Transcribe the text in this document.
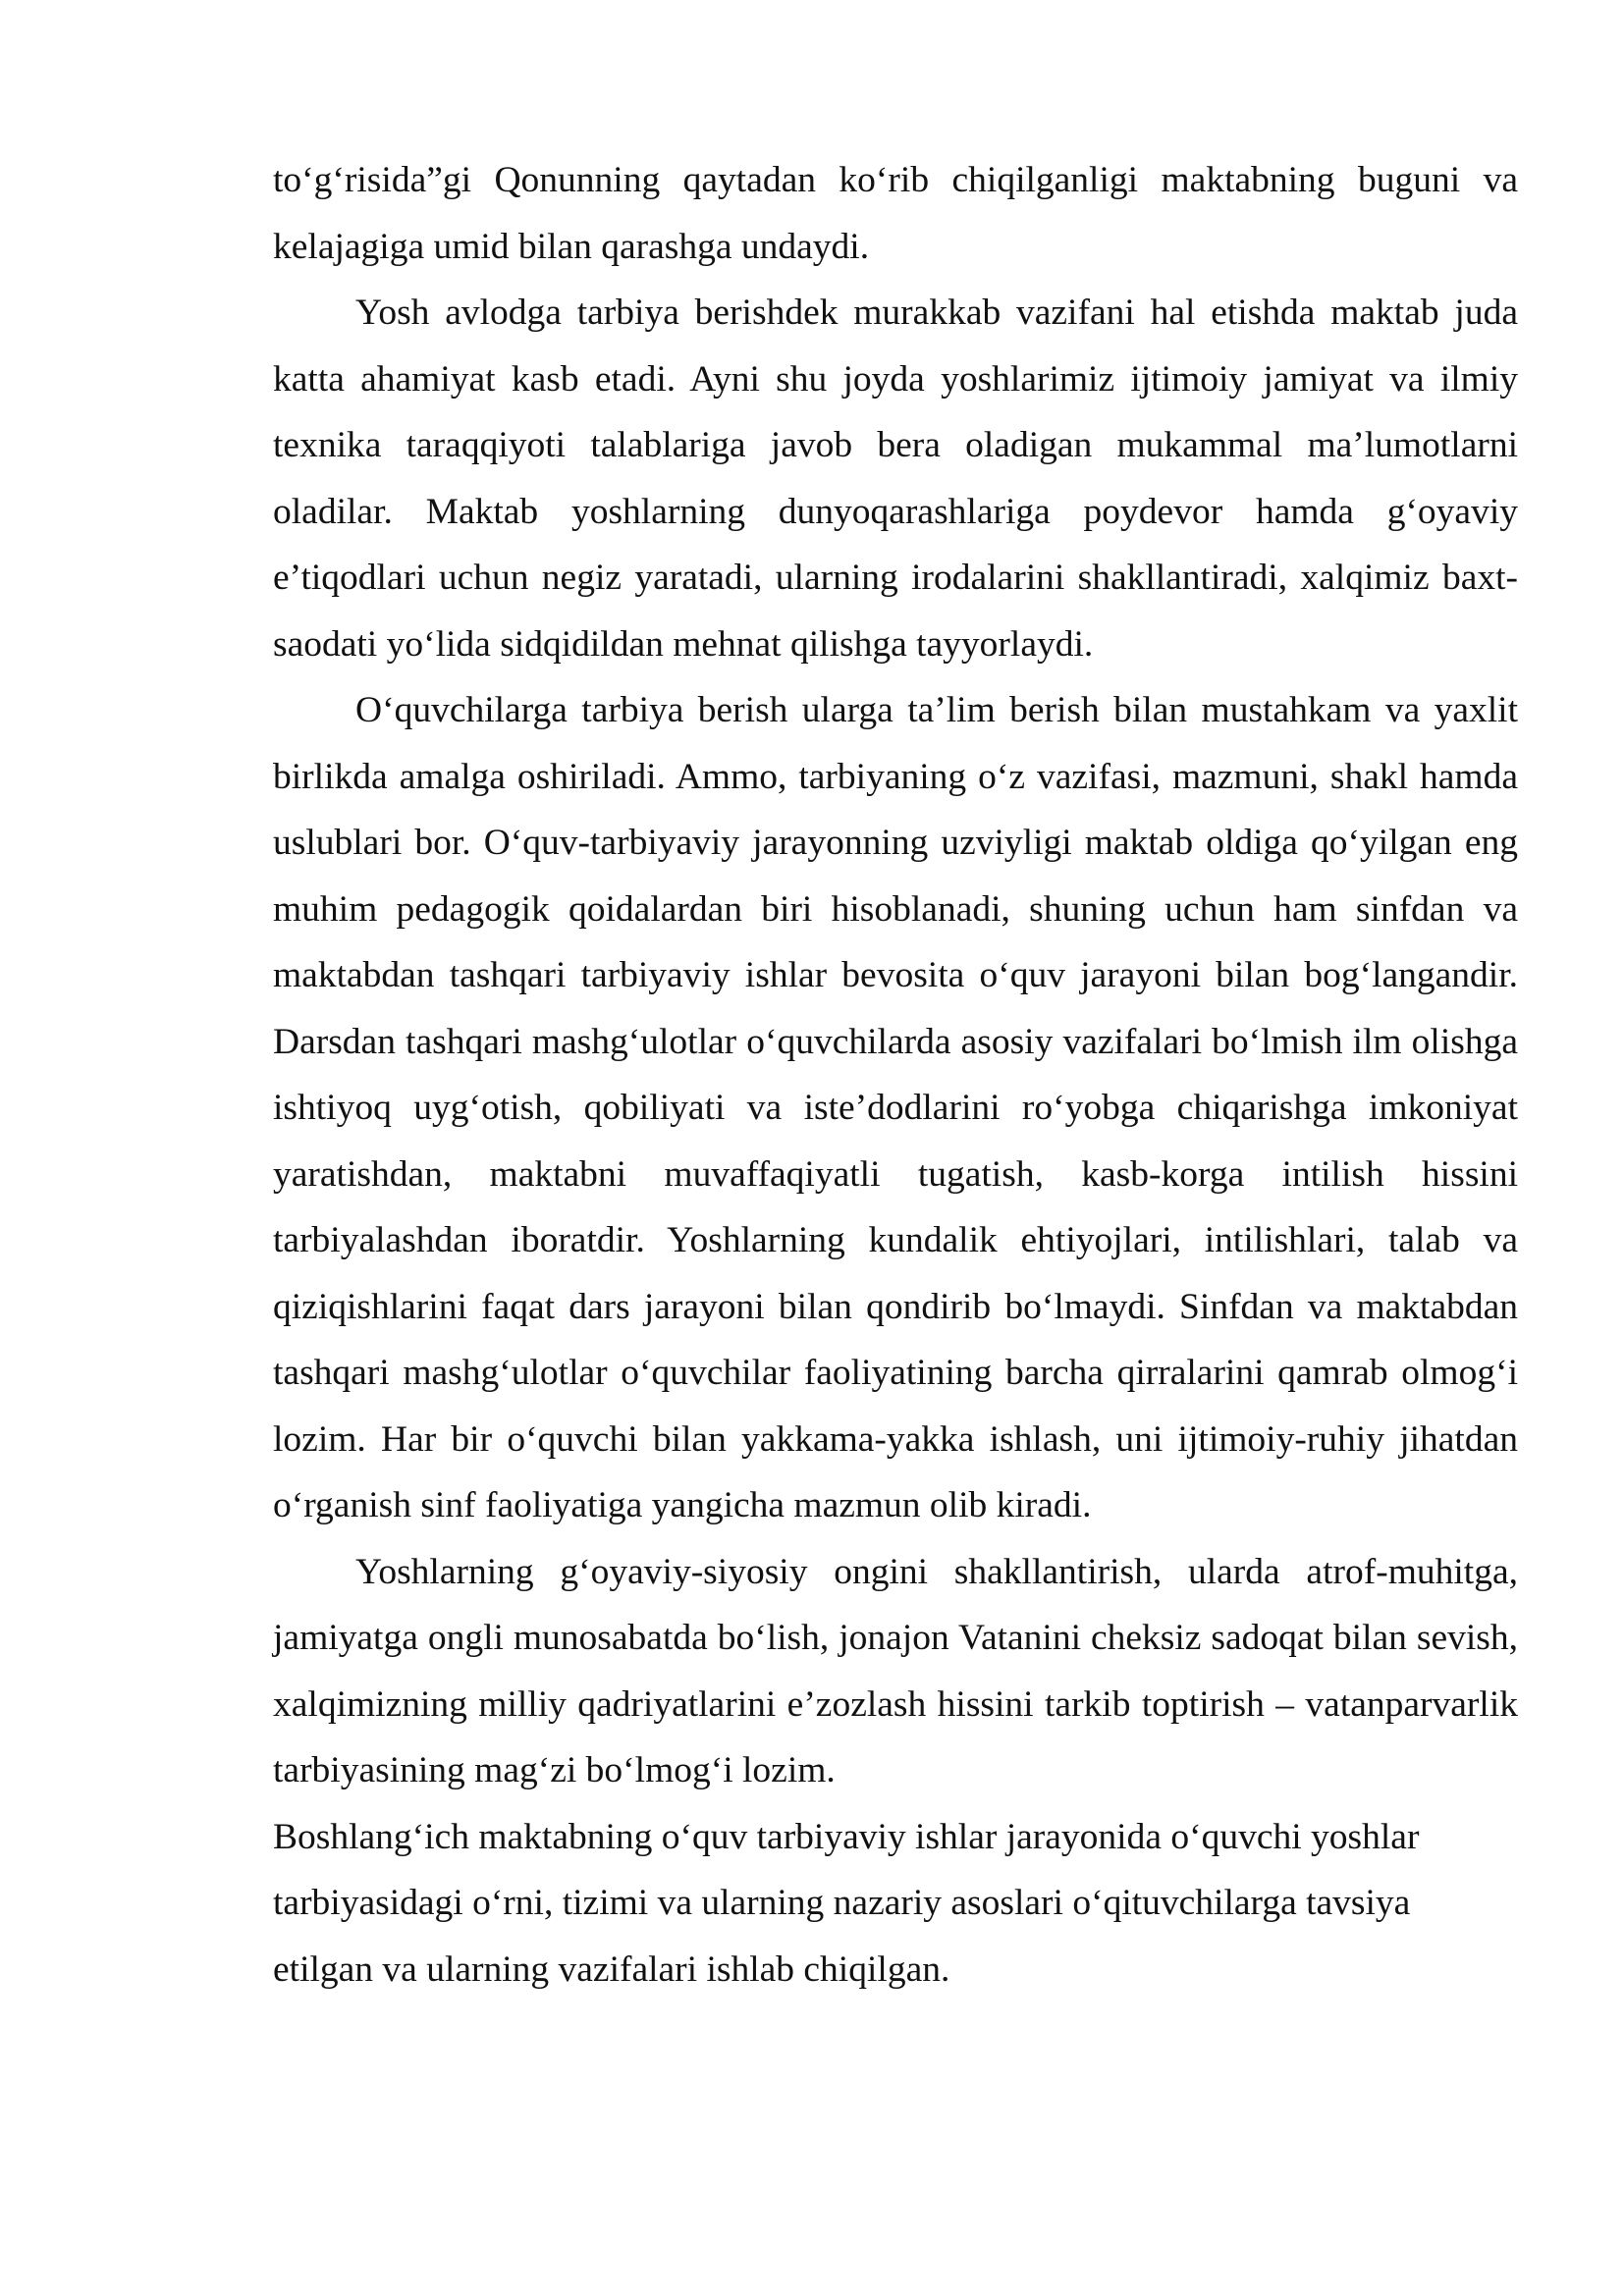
to‘g‘risida”gi Qonunning qaytadan ko‘rib chiqilganligi maktabning buguni va kelajagiga umid bilan qarashga undaydi.

Yosh avlodga tarbiya berishdek murakkab vazifani hal etishda maktab juda katta ahamiyat kasb etadi. Ayni shu joyda yoshlarimiz ijtimoiy jamiyat va ilmiy texnika taraqqiyoti talablariga javob bera oladigan mukammal ma’lumotlarni oladilar. Maktab yoshlarning dunyoqarashlariga poydevor hamda g‘oyaviy e’tiqodlari uchun negiz yaratadi, ularning irodalarini shakllantiradi, xalqimiz baxt-saodati yo‘lida sidqidildan mehnat qilishga tayyorlaydi.

O‘quvchilarga tarbiya berish ularga ta’lim berish bilan mustahkam va yaxlit birlikda amalga oshiriladi. Ammo, tarbiyaning o‘z vazifasi, mazmuni, shakl hamda uslublari bor. O‘quv-tarbiyaviy jarayonning uzviyligi maktab oldiga qo‘yilgan eng muhim pedagogik qoidalardan biri hisoblanadi, shuning uchun ham sinfdan va maktabdan tashqari tarbiyaviy ishlar bevosita o‘quv jarayoni bilan bog‘langandir. Darsdan tashqari mashg‘ulotlar o‘quvchilarda asosiy vazifalari bo‘lmish ilm olishga ishtiyoq uyg‘otish, qobiliyati va iste’dodlarini ro‘yobga chiqarishga imkoniyat yaratishdan, maktabni muvaffaqiyatli tugatish, kasb-korga intilish hissini tarbiyalashdan iboratdir. Yoshlarning kundalik ehtiyojlari, intilishlari, talab va qiziqishlarini faqat dars jarayoni bilan qondirib bo‘lmaydi. Sinfdan va maktabdan tashqari mashg‘ulotlar o‘quvchilar faoliyatining barcha qirralarini qamrab olmog‘i lozim. Har bir o‘quvchi bilan yakkama-yakka ishlash, uni ijtimoiy-ruhiy jihatdan o‘rganish sinf faoliyatiga yangicha mazmun olib kiradi.

Yoshlarning g‘oyaviy-siyosiy ongini shakllantirish, ularda atrof-muhitga, jamiyatga ongli munosabatda bo‘lish, jonajon Vatanini cheksiz sadoqat bilan sevish, xalqimizning milliy qadriyatlarini e’zozlash hissini tarkib toptirish – vatanparvarlik tarbiyasining mag‘zi bo‘lmog‘i lozim.

Boshlang‘ich maktabning o‘quv tarbiyaviy ishlar jarayonida o‘quvchi yoshlar tarbiyasidagi o‘rni, tizimi va ularning nazariy asoslari o‘qituvchilarga tavsiya etilgan va ularning vazifalari ishlab chiqilgan.
